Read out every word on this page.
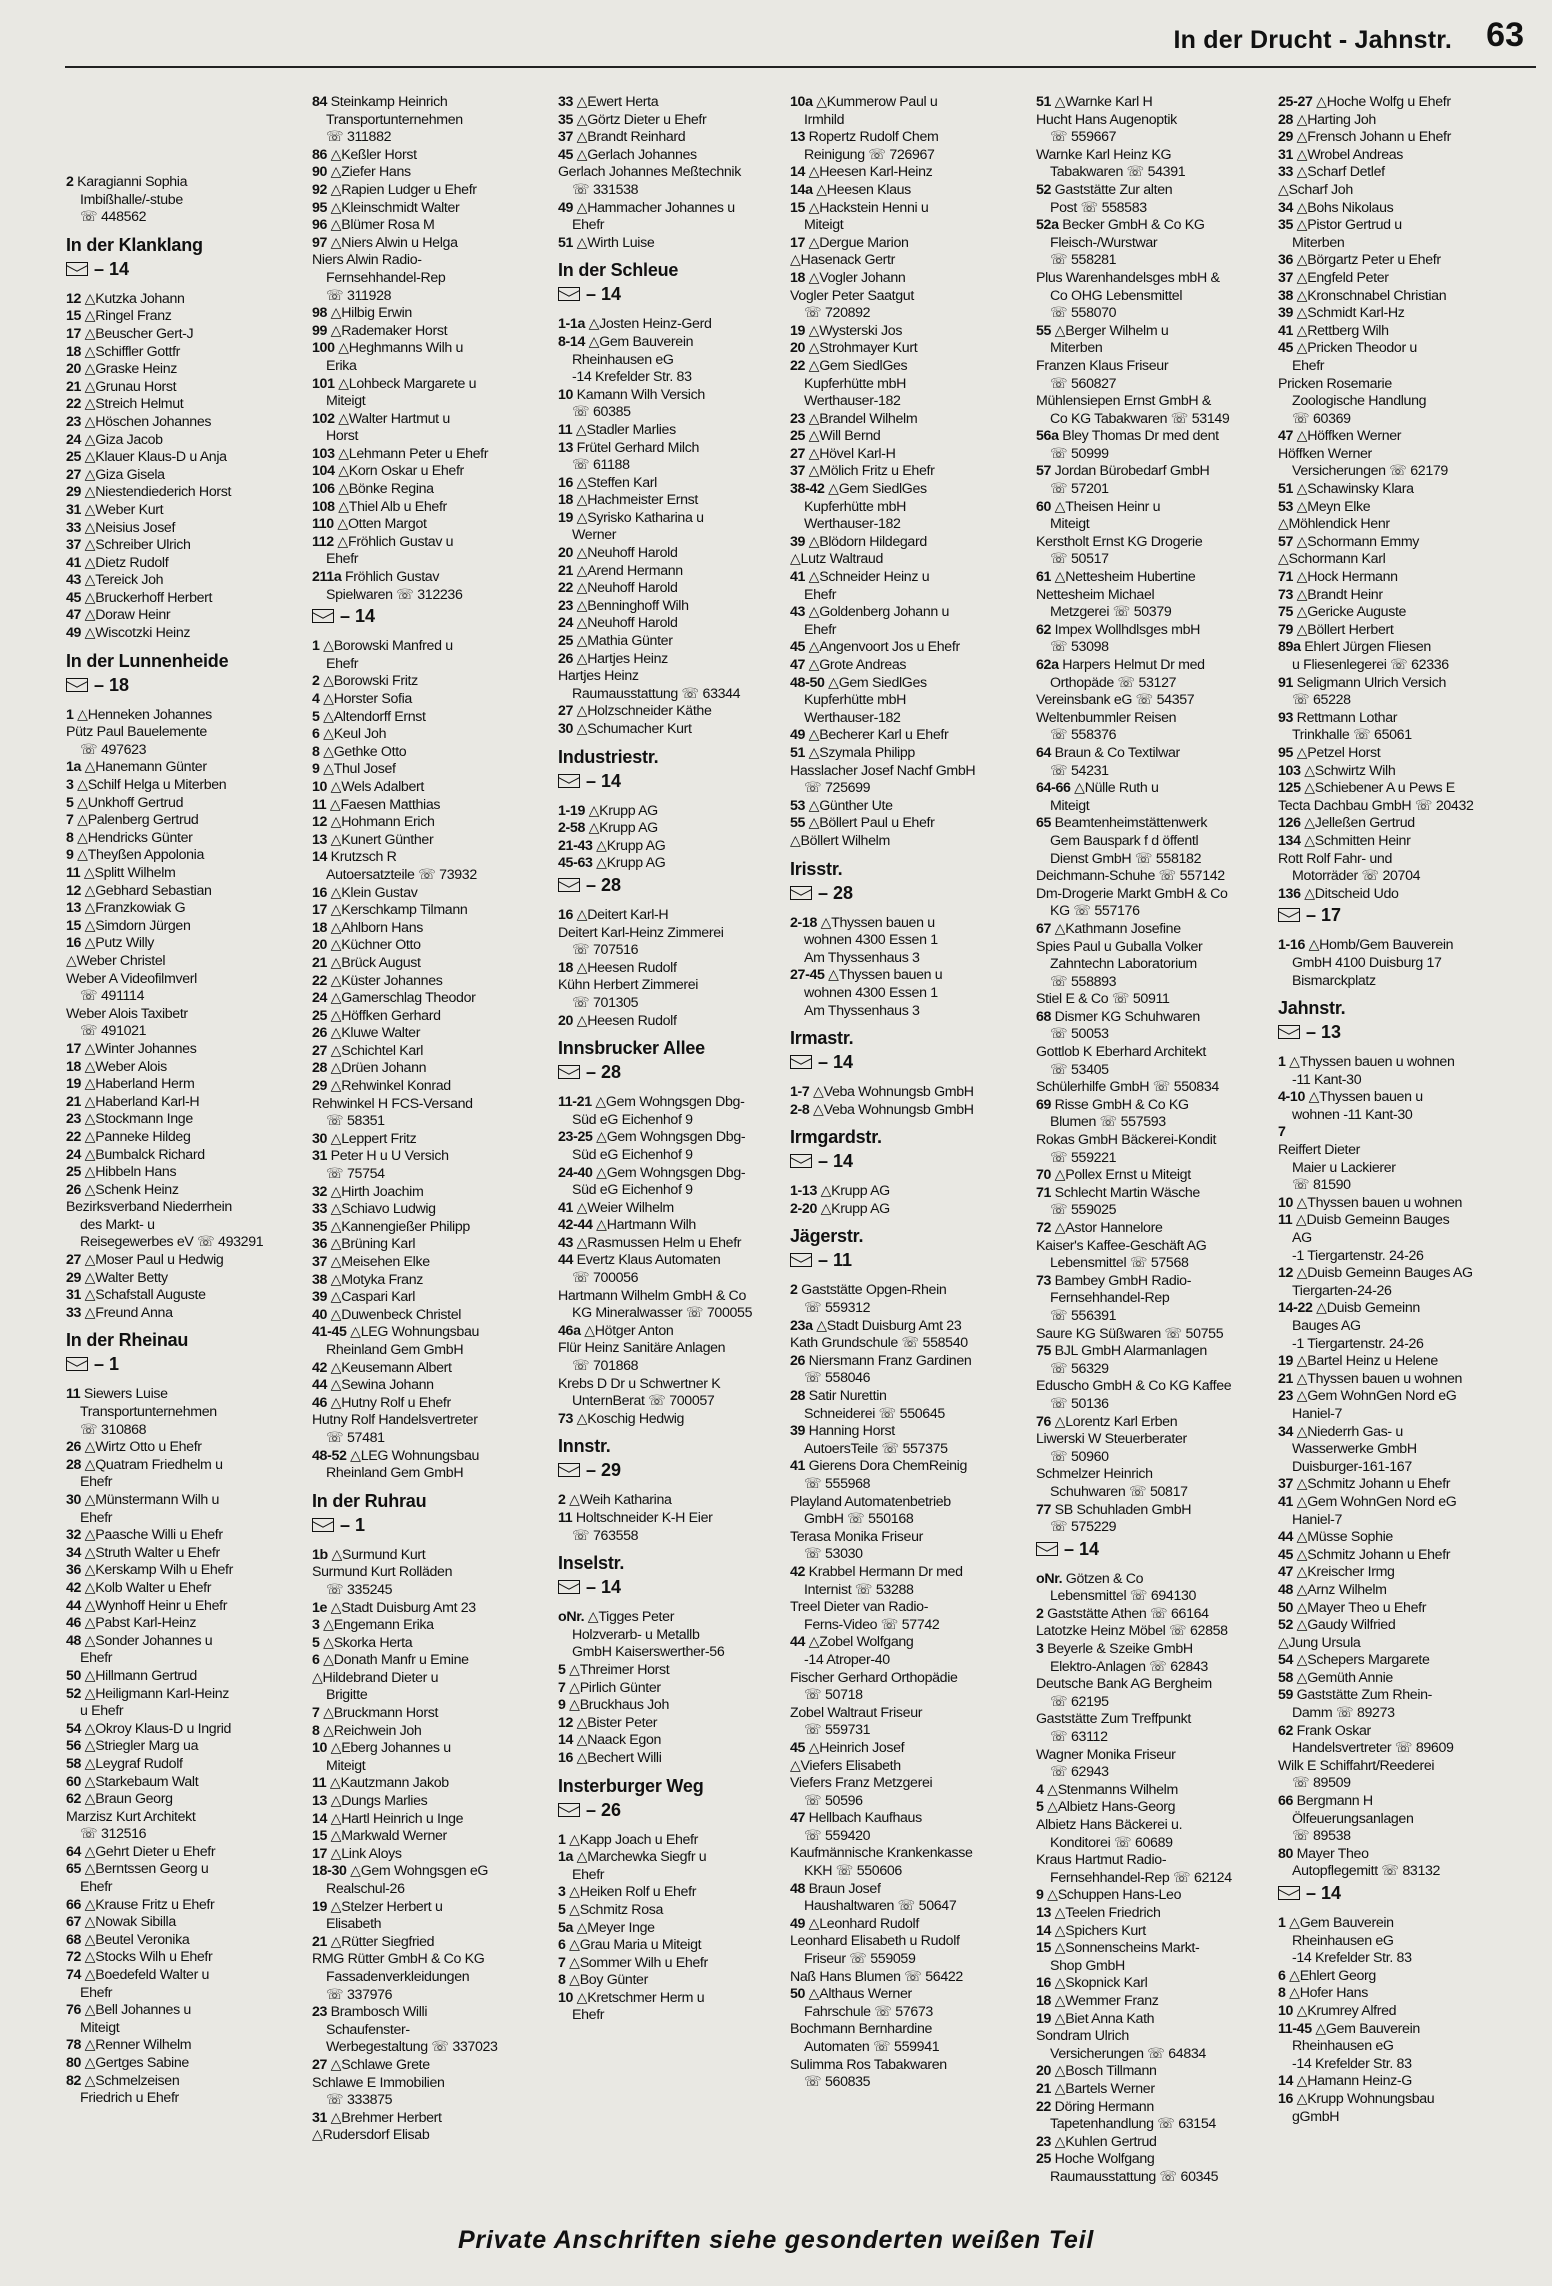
In der Drucht - Jahnstr. 63
2 Karagianni Sophia
Imbißhalle/-stube
☏ 448562
In der Klanklang
– 14
12 △Kutzka Johann
15 △Ringel Franz
17 △Beuscher Gert-J
18 △Schiffler Gottfr
20 △Graske Heinz
21 △Grunau Horst
22 △Streich Helmut
23 △Höschen Johannes
24 △Giza Jacob
25 △Klauer Klaus-D u Anja
27 △Giza Gisela
29 △Niestendiederich Horst
31 △Weber Kurt
33 △Neisius Josef
37 △Schreiber Ulrich
41 △Dietz Rudolf
43 △Tereick Joh
45 △Bruckerhoff Herbert
47 △Doraw Heinr
49 △Wiscotzki Heinz
In der Lunnenheide
– 18
1 △Henneken Johannes
Pütz Paul Bauelemente
☏ 497623
1a △Hanemann Günter
3 △Schilf Helga u Miterben
5 △Unkhoff Gertrud
7 △Palenberg Gertrud
8 △Hendricks Günter
9 △Theyßen Appolonia
11 △Splitt Wilhelm
12 △Gebhard Sebastian
13 △Franzkowiak G
15 △Simdorn Jürgen
16 △Putz Willy
△Weber Christel
Weber A Videofilmverl
☏ 491114
Weber Alois Taxibetr
☏ 491021
17 △Winter Johannes
18 △Weber Alois
19 △Haberland Herm
21 △Haberland Karl-H
23 △Stockmann Inge
22 △Panneke Hildeg
24 △Bumbalck Richard
25 △Hibbeln Hans
26 △Schenk Heinz
Bezirksverband Niederrhein
des Markt- u
Reisegewerbes eV ☏ 493291
27 △Moser Paul u Hedwig
29 △Walter Betty
31 △Schafstall Auguste
33 △Freund Anna
In der Rheinau
– 1
11 Siewers Luise
Transportunternehmen
☏ 310868
26 △Wirtz Otto u Ehefr
28 △Quatram Friedhelm u
Ehefr
30 △Münstermann Wilh u
Ehefr
32 △Paasche Willi u Ehefr
34 △Struth Walter u Ehefr
36 △Kerskamp Wilh u Ehefr
42 △Kolb Walter u Ehefr
44 △Wynhoff Heinr u Ehefr
46 △Pabst Karl-Heinz
48 △Sonder Johannes u
Ehefr
50 △Hillmann Gertrud
52 △Heiligmann Karl-Heinz
u Ehefr
54 △Okroy Klaus-D u Ingrid
56 △Striegler Marg ua
58 △Leygraf Rudolf
60 △Starkebaum Walt
62 △Braun Georg
Marzisz Kurt Architekt
☏ 312516
64 △Gehrt Dieter u Ehefr
65 △Berntssen Georg u
Ehefr
66 △Krause Fritz u Ehefr
67 △Nowak Sibilla
68 △Beutel Veronika
72 △Stocks Wilh u Ehefr
74 △Boedefeld Walter u
Ehefr
76 △Bell Johannes u
Miteigt
78 △Renner Wilhelm
80 △Gertges Sabine
82 △Schmelzeisen
Friedrich u Ehefr
84 Steinkamp Heinrich
Transportunternehmen
☏ 311882
86 △Keßler Horst
90 △Ziefer Hans
92 △Rapien Ludger u Ehefr
95 △Kleinschmidt Walter
96 △Blümer Rosa M
97 △Niers Alwin u Helga
Niers Alwin Radio-
Fernsehhandel-Rep
☏ 311928
98 △Hilbig Erwin
99 △Rademaker Horst
100 △Heghmanns Wilh u
Erika
101 △Lohbeck Margarete u
Miteigt
102 △Walter Hartmut u
Horst
103 △Lehmann Peter u Ehefr
104 △Korn Oskar u Ehefr
106 △Bönke Regina
108 △Thiel Alb u Ehefr
110 △Otten Margot
112 △Fröhlich Gustav u
Ehefr
211a Fröhlich Gustav
Spielwaren ☏ 312236
– 14
1 △Borowski Manfred u
Ehefr
2 △Borowski Fritz
4 △Horster Sofia
5 △Altendorff Ernst
6 △Keul Joh
8 △Gethke Otto
9 △Thul Josef
10 △Wels Adalbert
11 △Faesen Matthias
12 △Hohmann Erich
13 △Kunert Günther
14 Krutzsch R
Autoersatzteile ☏ 73932
16 △Klein Gustav
17 △Kerschkamp Tilmann
18 △Ahlborn Hans
20 △Küchner Otto
21 △Brück August
22 △Küster Johannes
24 △Gamerschlag Theodor
25 △Höffken Gerhard
26 △Kluwe Walter
27 △Schichtel Karl
28 △Drüen Johann
29 △Rehwinkel Konrad
Rehwinkel H FCS-Versand
☏ 58351
30 △Leppert Fritz
31 Peter H u U Versich
☏ 75754
32 △Hirth Joachim
33 △Schiavo Ludwig
35 △Kannengießer Philipp
36 △Brüning Karl
37 △Meisehen Elke
38 △Motyka Franz
39 △Caspari Karl
40 △Duwenbeck Christel
41-45 △LEG Wohnungsbau
Rheinland Gem GmbH
42 △Keusemann Albert
44 △Sewina Johann
46 △Hutny Rolf u Ehefr
Hutny Rolf Handelsvertreter
☏ 57481
48-52 △LEG Wohnungsbau
Rheinland Gem GmbH
In der Ruhrau
– 1
1b △Surmund Kurt
Surmund Kurt Rolläden
☏ 335245
1e △Stadt Duisburg Amt 23
3 △Engemann Erika
5 △Skorka Herta
6 △Donath Manfr u Emine
△Hildebrand Dieter u
Brigitte
7 △Bruckmann Horst
8 △Reichwein Joh
10 △Eberg Johannes u
Miteigt
11 △Kautzmann Jakob
13 △Dungs Marlies
14 △Hartl Heinrich u Inge
15 △Markwald Werner
17 △Link Aloys
18-30 △Gem Wohngsgen eG
Realschul-26
19 △Stelzer Herbert u
Elisabeth
21 △Rütter Siegfried
RMG Rütter GmbH & Co KG
Fassadenverkleidungen
☏ 337976
23 Brambosch Willi
Schaufenster-
Werbegestaltung ☏ 337023
27 △Schlawe Grete
Schlawe E Immobilien
☏ 333875
31 △Brehmer Herbert
△Rudersdorf Elisab
33 △Ewert Herta
35 △Görtz Dieter u Ehefr
37 △Brandt Reinhard
45 △Gerlach Johannes
Gerlach Johannes Meßtechnik
☏ 331538
49 △Hammacher Johannes u
Ehefr
51 △Wirth Luise
In der Schleue
– 14
1-1a △Josten Heinz-Gerd
8-14 △Gem Bauverein
Rheinhausen eG
-14 Krefelder Str. 83
10 Kamann Wilh Versich
☏ 60385
11 △Stadler Marlies
13 Frütel Gerhard Milch
☏ 61188
16 △Steffen Karl
18 △Hachmeister Ernst
19 △Syrisko Katharina u
Werner
20 △Neuhoff Harold
21 △Arend Hermann
22 △Neuhoff Harold
23 △Benninghoff Wilh
24 △Neuhoff Harold
25 △Mathia Günter
26 △Hartjes Heinz
Hartjes Heinz
Raumausstattung ☏ 63344
27 △Holzschneider Käthe
30 △Schumacher Kurt
Industriestr.
– 14
1-19 △Krupp AG
2-58 △Krupp AG
21-43 △Krupp AG
45-63 △Krupp AG
– 28
16 △Deitert Karl-H
Deitert Karl-Heinz Zimmerei
☏ 707516
18 △Heesen Rudolf
Kühn Herbert Zimmerei
☏ 701305
20 △Heesen Rudolf
Innsbrucker Allee
– 28
11-21 △Gem Wohngsgen Dbg-
Süd eG Eichenhof 9
23-25 △Gem Wohngsgen Dbg-
Süd eG Eichenhof 9
24-40 △Gem Wohngsgen Dbg-
Süd eG Eichenhof 9
41 △Weier Wilhelm
42-44 △Hartmann Wilh
43 △Rasmussen Helm u Ehefr
44 Evertz Klaus Automaten
☏ 700056
Hartmann Wilhelm GmbH & Co
KG Mineralwasser ☏ 700055
46a △Hötger Anton
Flür Heinz Sanitäre Anlagen
☏ 701868
Krebs D Dr u Schwertner K
UnternBerat ☏ 700057
73 △Koschig Hedwig
Innstr.
– 29
2 △Weih Katharina
11 Holtschneider K-H Eier
☏ 763558
Inselstr.
– 14
oNr. △Tigges Peter
Holzverarb- u Metallb
GmbH Kaiserswerther-56
5 △Threimer Horst
7 △Pirlich Günter
9 △Bruckhaus Joh
12 △Bister Peter
14 △Naack Egon
16 △Bechert Willi
Insterburger Weg
– 26
1 △Kapp Joach u Ehefr
1a △Marchewka Siegfr u
Ehefr
3 △Heiken Rolf u Ehefr
5 △Schmitz Rosa
5a △Meyer Inge
6 △Grau Maria u Miteigt
7 △Sommer Wilh u Ehefr
8 △Boy Günter
10 △Kretschmer Herm u
Ehefr
10a △Kummerow Paul u
Irmhild
13 Ropertz Rudolf Chem
Reinigung ☏ 726967
14 △Heesen Karl-Heinz
14a △Heesen Klaus
15 △Hackstein Henni u
Miteigt
17 △Dergue Marion
△Hasenack Gertr
18 △Vogler Johann
Vogler Peter Saatgut
☏ 720892
19 △Wysterski Jos
20 △Strohmayer Kurt
22 △Gem SiedlGes
Kupferhütte mbH
Werthauser-182
23 △Brandel Wilhelm
25 △Will Bernd
27 △Hövel Karl-H
37 △Mölich Fritz u Ehefr
38-42 △Gem SiedlGes
Kupferhütte mbH
Werthauser-182
39 △Blödorn Hildegard
△Lutz Waltraud
41 △Schneider Heinz u
Ehefr
43 △Goldenberg Johann u
Ehefr
45 △Angenvoort Jos u Ehefr
47 △Grote Andreas
48-50 △Gem SiedlGes
Kupferhütte mbH
Werthauser-182
49 △Becherer Karl u Ehefr
51 △Szymala Philipp
Hasslacher Josef Nachf GmbH
☏ 725699
53 △Günther Ute
55 △Böllert Paul u Ehefr
△Böllert Wilhelm
Irisstr.
– 28
2-18 △Thyssen bauen u
wohnen 4300 Essen 1
Am Thyssenhaus 3
27-45 △Thyssen bauen u
wohnen 4300 Essen 1
Am Thyssenhaus 3
Irmastr.
– 14
1-7 △Veba Wohnungsb GmbH
2-8 △Veba Wohnungsb GmbH
Irmgardstr.
– 14
1-13 △Krupp AG
2-20 △Krupp AG
Jägerstr.
– 11
2 Gaststätte Opgen-Rhein
☏ 559312
23a △Stadt Duisburg Amt 23
Kath Grundschule ☏ 558540
26 Niersmann Franz Gardinen
☏ 558046
28 Satir Nurettin
Schneiderei ☏ 550645
39 Hanning Horst
AutoersTeile ☏ 557375
41 Gierens Dora ChemReinig
☏ 555968
Playland Automatenbetrieb
GmbH ☏ 550168
Terasa Monika Friseur
☏ 53030
42 Krabbel Hermann Dr med
Internist ☏ 53288
Treel Dieter van Radio-
Ferns-Video ☏ 57742
44 △Zobel Wolfgang
-14 Atroper-40
Fischer Gerhard Orthopädie
☏ 50718
Zobel Waltraut Friseur
☏ 559731
45 △Heinrich Josef
△Viefers Elisabeth
Viefers Franz Metzgerei
☏ 50596
47 Hellbach Kaufhaus
☏ 559420
Kaufmännische Krankenkasse
KKH ☏ 550606
48 Braun Josef
Haushaltwaren ☏ 50647
49 △Leonhard Rudolf
Leonhard Elisabeth u Rudolf
Friseur ☏ 559059
Naß Hans Blumen ☏ 56422
50 △Althaus Werner
Fahrschule ☏ 57673
Bochmann Bernhardine
Automaten ☏ 559941
Sulimma Ros Tabakwaren
☏ 560835
51 △Warnke Karl H
Hucht Hans Augenoptik
☏ 559667
Warnke Karl Heinz KG
Tabakwaren ☏ 54391
52 Gaststätte Zur alten
Post ☏ 558583
52a Becker GmbH & Co KG
Fleisch-/Wurstwar
☏ 558281
Plus Warenhandelsges mbH &
Co OHG Lebensmittel
☏ 558070
55 △Berger Wilhelm u
Miterben
Franzen Klaus Friseur
☏ 560827
Mühlensiepen Ernst GmbH &
Co KG Tabakwaren ☏ 53149
56a Bley Thomas Dr med dent
☏ 50999
57 Jordan Bürobedarf GmbH
☏ 57201
60 △Theisen Heinr u
Miteigt
Kerstholt Ernst KG Drogerie
☏ 50517
61 △Nettesheim Hubertine
Nettesheim Michael
Metzgerei ☏ 50379
62 Impex Wollhdlsges mbH
☏ 53098
62a Harpers Helmut Dr med
Orthopäde ☏ 53127
Vereinsbank eG ☏ 54357
Weltenbummler Reisen
☏ 558376
64 Braun & Co Textilwar
☏ 54231
64-66 △Nülle Ruth u
Miteigt
65 Beamtenheimstättenwerk
Gem Bauspark f d öffentl
Dienst GmbH ☏ 558182
Deichmann-Schuhe ☏ 557142
Dm-Drogerie Markt GmbH & Co
KG ☏ 557176
67 △Kathmann Josefine
Spies Paul u Guballa Volker
Zahntechn Laboratorium
☏ 558893
Stiel E & Co ☏ 50911
68 Dismer KG Schuhwaren
☏ 50053
Gottlob K Eberhard Architekt
☏ 53405
Schülerhilfe GmbH ☏ 550834
69 Risse GmbH & Co KG
Blumen ☏ 557593
Rokas GmbH Bäckerei-Kondit
☏ 559221
70 △Pollex Ernst u Miteigt
71 Schlecht Martin Wäsche
☏ 559025
72 △Astor Hannelore
Kaiser's Kaffee-Geschäft AG
Lebensmittel ☏ 57568
73 Bambey GmbH Radio-
Fernsehhandel-Rep
☏ 556391
Saure KG Süßwaren ☏ 50755
75 BJL GmbH Alarmanlagen
☏ 56329
Eduscho GmbH & Co KG Kaffee
☏ 50136
76 △Lorentz Karl Erben
Liwerski W Steuerberater
☏ 50960
Schmelzer Heinrich
Schuhwaren ☏ 50817
77 SB Schuhladen GmbH
☏ 575229
– 14
oNr. Götzen & Co
Lebensmittel ☏ 694130
2 Gaststätte Athen ☏ 66164
Latotzke Heinz Möbel ☏ 62858
3 Beyerle & Szeike GmbH
Elektro-Anlagen ☏ 62843
Deutsche Bank AG Bergheim
☏ 62195
Gaststätte Zum Treffpunkt
☏ 63112
Wagner Monika Friseur
☏ 62943
4 △Stenmanns Wilhelm
5 △Albietz Hans-Georg
Albietz Hans Bäckerei u.
Konditorei ☏ 60689
Kraus Hartmut Radio-
Fernsehhandel-Rep ☏ 62124
9 △Schuppen Hans-Leo
13 △Teelen Friedrich
14 △Spichers Kurt
15 △Sonnenscheins Markt-
Shop GmbH
16 △Skopnick Karl
18 △Wemmer Franz
19 △Biet Anna Kath
Sondram Ulrich
Versicherungen ☏ 64834
20 △Bosch Tillmann
21 △Bartels Werner
22 Döring Hermann
Tapetenhandlung ☏ 63154
23 △Kuhlen Gertrud
25 Hoche Wolfgang
Raumausstattung ☏ 60345
25-27 △Hoche Wolfg u Ehefr
28 △Harting Joh
29 △Frensch Johann u Ehefr
31 △Wrobel Andreas
33 △Scharf Detlef
△Scharf Joh
34 △Bohs Nikolaus
35 △Pistor Gertrud u
Miterben
36 △Börgartz Peter u Ehefr
37 △Engfeld Peter
38 △Kronschnabel Christian
39 △Schmidt Karl-Hz
41 △Rettberg Wilh
45 △Pricken Theodor u
Ehefr
Pricken Rosemarie
Zoologische Handlung
☏ 60369
47 △Höffken Werner
Höffken Werner
Versicherungen ☏ 62179
51 △Schawinsky Klara
53 △Meyn Elke
△Möhlendick Henr
57 △Schormann Emmy
△Schormann Karl
71 △Hock Hermann
73 △Brandt Heinr
75 △Gericke Auguste
79 △Böllert Herbert
89a Ehlert Jürgen Fliesen
u Fliesenlegerei ☏ 62336
91 Seligmann Ulrich Versich
☏ 65228
93 Rettmann Lothar
Trinkhalle ☏ 65061
95 △Petzel Horst
103 △Schwirtz Wilh
125 △Schiebener A u Pews E
Tecta Dachbau GmbH ☏ 20432
126 △Jelleßen Gertrud
134 △Schmitten Heinr
Rott Rolf Fahr- und
Motorräder ☏ 20704
136 △Ditscheid Udo
– 17
1-16 △Homb/Gem Bauverein
GmbH 4100 Duisburg 17
Bismarckplatz
Jahnstr.
– 13
1 △Thyssen bauen u wohnen
-11 Kant-30
4-10 △Thyssen bauen u
wohnen -11 Kant-30
7
Reiffert Dieter
Maier u Lackierer
☏ 81590
10 △Thyssen bauen u wohnen
11 △Duisb Gemeinn Bauges
AG
-1 Tiergartenstr. 24-26
12 △Duisb Gemeinn Bauges AG
Tiergarten-24-26
14-22 △Duisb Gemeinn
Bauges AG
-1 Tiergartenstr. 24-26
19 △Bartel Heinz u Helene
21 △Thyssen bauen u wohnen
23 △Gem WohnGen Nord eG
Haniel-7
34 △Niederrh Gas- u
Wasserwerke GmbH
Duisburger-161-167
37 △Schmitz Johann u Ehefr
41 △Gem WohnGen Nord eG
Haniel-7
44 △Müsse Sophie
45 △Schmitz Johann u Ehefr
47 △Kreischer Irmg
48 △Arnz Wilhelm
50 △Mayer Theo u Ehefr
52 △Gaudy Wilfried
△Jung Ursula
54 △Schepers Margarete
58 △Gemüth Annie
59 Gaststätte Zum Rhein-
Damm ☏ 89273
62 Frank Oskar
Handelsvertreter ☏ 89609
Wilk E Schiffahrt/Reederei
☏ 89509
66 Bergmann H
Ölfeuerungsanlagen
☏ 89538
80 Mayer Theo
Autopflegemitt ☏ 83132
– 14
1 △Gem Bauverein
Rheinhausen eG
-14 Krefelder Str. 83
6 △Ehlert Georg
8 △Hofer Hans
10 △Krumrey Alfred
11-45 △Gem Bauverein
Rheinhausen eG
-14 Krefelder Str. 83
14 △Hamann Heinz-G
16 △Krupp Wohnungsbau
gGmbH
Private Anschriften siehe gesonderten weißen Teil
